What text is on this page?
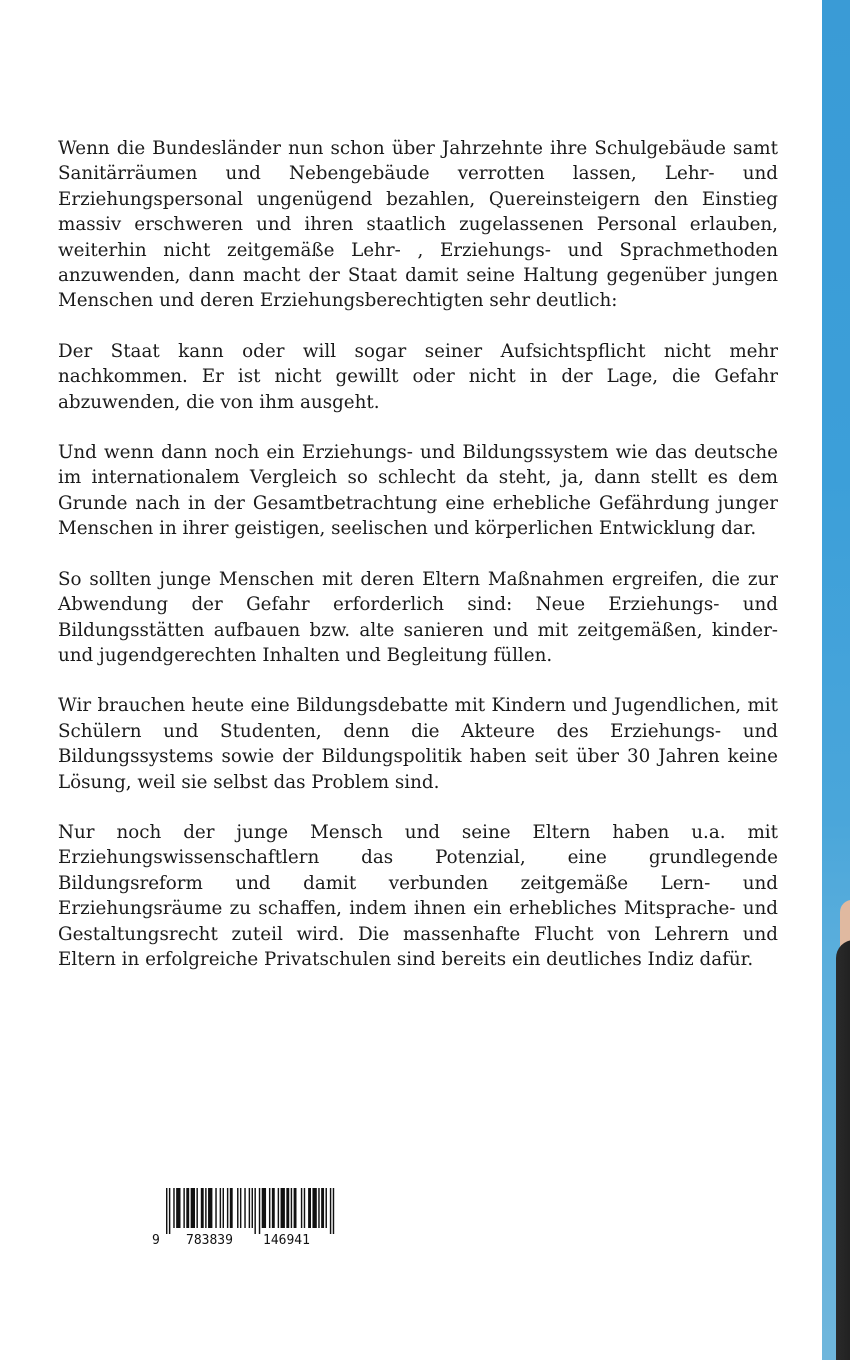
Wenn die Bundesländer nun schon über Jahrzehnte ihre Schulgebäude samt Sanitärräumen und Nebengebäude verrotten lassen, Lehr- und Erziehungspersonal ungenügend bezahlen, Quereinsteigern den Einstieg massiv erschweren und ihren staatlich zugelassenen Personal erlauben, weiterhin nicht zeitgemäße Lehr- , Erziehungs- und Sprachmethoden anzuwenden, dann macht der Staat damit seine Haltung gegenüber jungen Menschen und deren Erziehungsberechtigten sehr deutlich:

Der Staat kann oder will sogar seiner Aufsichtspflicht nicht mehr nachkommen. Er ist nicht gewillt oder nicht in der Lage, die Gefahr abzuwenden, die von ihm ausgeht.

Und wenn dann noch ein Erziehungs- und Bildungssystem wie das deutsche im internationalem Vergleich so schlecht da steht, ja, dann stellt es dem Grunde nach in der Gesamtbetrachtung eine erhebliche Gefährdung junger Menschen in ihrer geistigen, seelischen und körperlichen Entwicklung dar.

So sollten junge Menschen mit deren Eltern Maßnahmen ergreifen, die zur Abwendung der Gefahr erforderlich sind: Neue Erziehungs- und Bildungsstätten aufbauen bzw. alte sanieren und mit zeitgemäßen, kinder- und jugendgerechten Inhalten und Begleitung füllen.

Wir brauchen heute eine Bildungsdebatte mit Kindern und Jugendlichen, mit Schülern und Studenten, denn die Akteure des Erziehungs- und Bildungssystems sowie der Bildungspolitik haben seit über 30 Jahren keine Lösung, weil sie selbst das Problem sind.

Nur noch der junge Mensch und seine Eltern haben u.a. mit Erziehungswissenschaftlern das Potenzial, eine grundlegende Bildungsreform und damit verbunden zeitgemäße Lern- und Erziehungsräume zu schaffen, indem ihnen ein erhebliches Mitsprache- und Gestaltungsrecht zuteil wird. Die massenhafte Flucht von Lehrern und Eltern in erfolgreiche Privatschulen sind bereits ein deutliches Indiz dafür.

9 783839 146941
